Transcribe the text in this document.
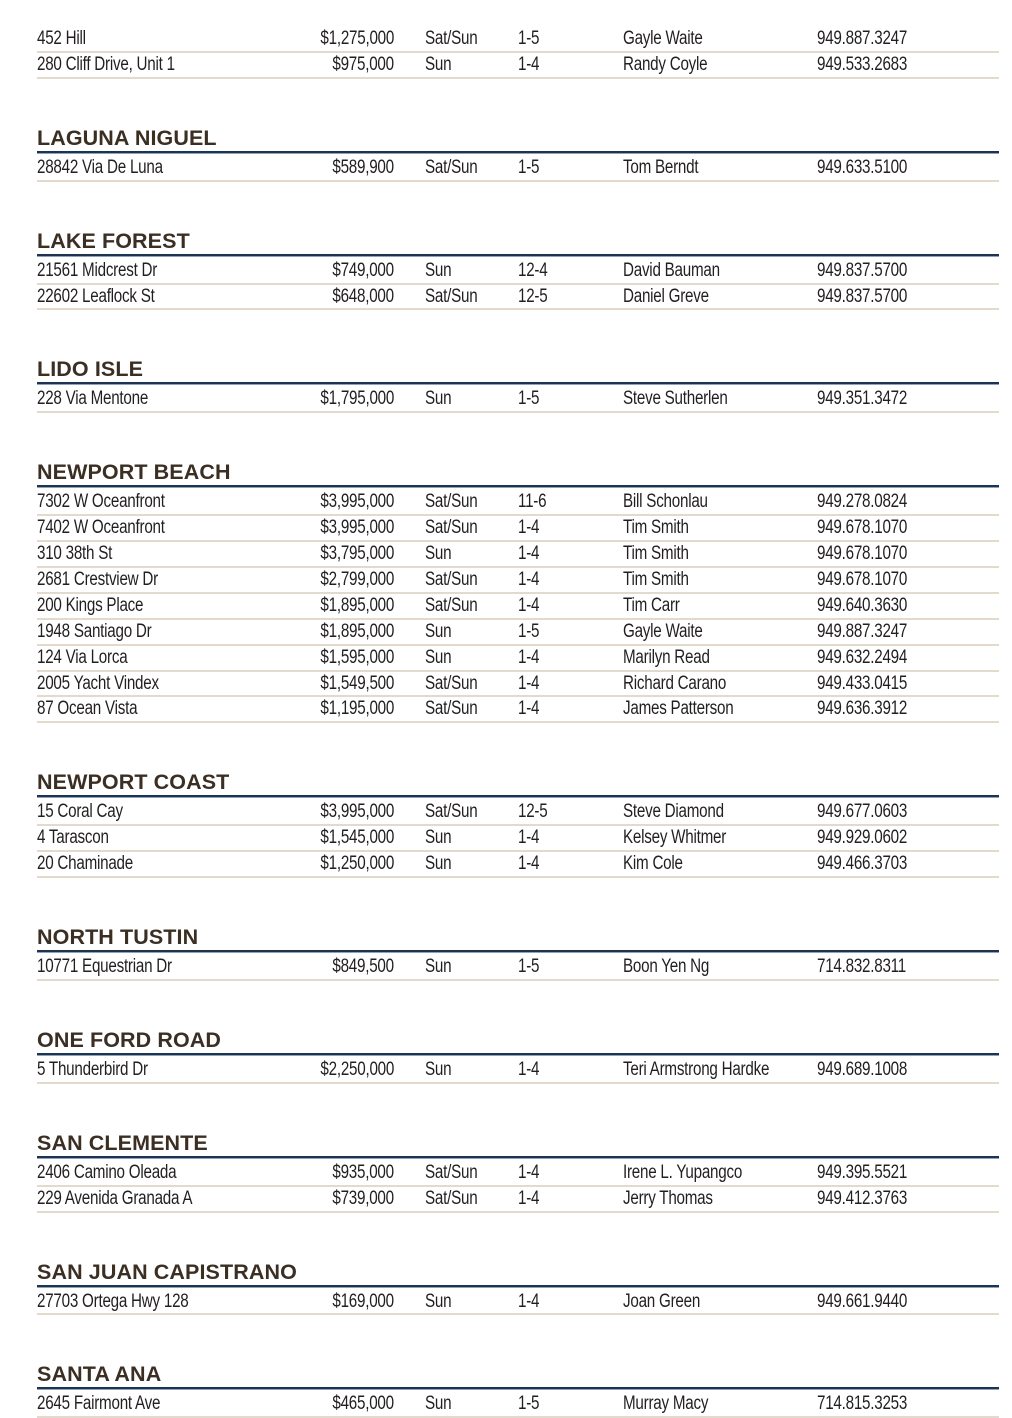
452 Hill	$1,275,000 Sat/Sun 1-5	Gayle Waite	949.887.3247
280 Cliff Drive, Unit 1	$975,000 Sun	1-4	Randy Coyle	949.533.2683
LAGUNA NIGUEL
28842 Via De Luna	$589,900 Sat/Sun 1-5	Tom Berndt	949.633.5100
LAKE FOREST
21561 Midcrest Dr	$749,000 Sun	12-4	David Bauman	949.837.5700
22602 Leaflock St	$648,000 Sat/Sun 12-5	Daniel Greve	949.837.5700
LIDO ISLE
228 Via Mentone	$1,795,000 Sun	1-5	Steve Sutherlen	949.351.3472
NEWPORT BEACH
7302 W Oceanfront	$3,995,000 Sat/Sun 11-6	Bill Schonlau	949.278.0824
7402 W Oceanfront	$3,995,000 Sat/Sun 1-4	Tim Smith	949.678.1070
310 38th St	$3,795,000 Sun	1-4	Tim Smith	949.678.1070
2681 Crestview Dr	$2,799,000 Sat/Sun 1-4	Tim Smith	949.678.1070
200 Kings Place	$1,895,000 Sat/Sun 1-4	Tim Carr	949.640.3630
1948 Santiago Dr	$1,895,000 Sun	1-5	Gayle Waite	949.887.3247
124 Via Lorca	$1,595,000 Sun	1-4	Marilyn Read	949.632.2494
2005 Yacht Vindex	$1,549,500 Sat/Sun 1-4	Richard Carano	949.433.0415
87 Ocean Vista	$1,195,000 Sat/Sun 1-4	James Patterson	949.636.3912
NEWPORT COAST
15 Coral Cay	$3,995,000 Sat/Sun 12-5	Steve Diamond	949.677.0603
4 Tarascon	$1,545,000 Sun	1-4	Kelsey Whitmer	949.929.0602
20 Chaminade	$1,250,000 Sun	1-4	Kim Cole	949.466.3703
NORTH TUSTIN
10771 Equestrian Dr	$849,500 Sun	1-5	Boon Yen Ng	714.832.8311
ONE FORD ROAD
5 Thunderbird Dr	$2,250,000 Sun	1-4	Teri Armstrong Hardke	949.689.1008
SAN CLEMENTE
2406 Camino Oleada	$935,000 Sat/Sun 1-4	Irene L. Yupangco	949.395.5521
229 Avenida Granada A	$739,000 Sat/Sun 1-4	Jerry Thomas	949.412.3763
SAN JUAN CAPISTRANO
27703 Ortega Hwy 128	$169,000 Sun	1-4	Joan Green	949.661.9440
SANTA ANA
2645 Fairmont Ave	$465,000 Sun	1-5	Murray Macy	714.815.3253
